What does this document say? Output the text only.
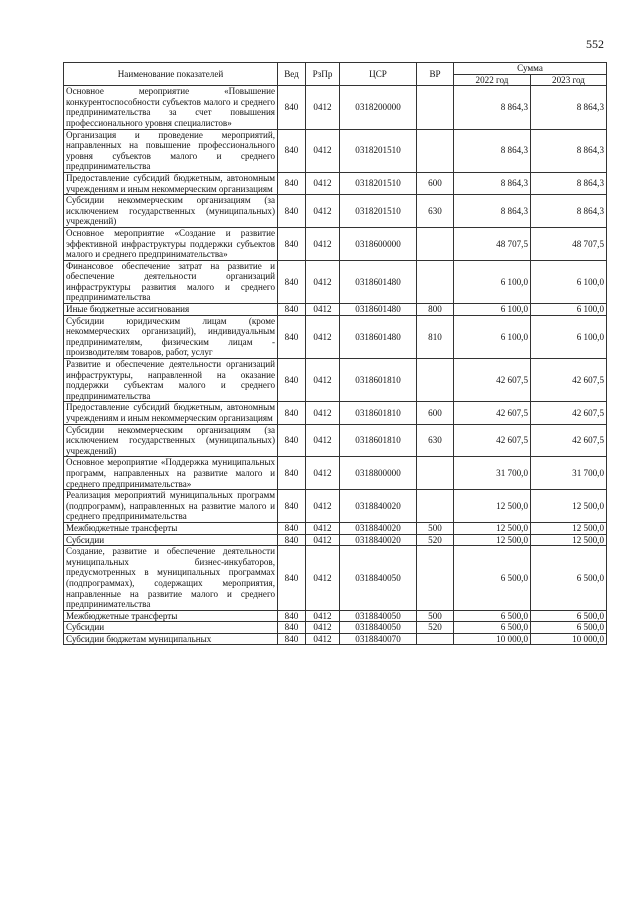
552
Наименование показателей	Вед	РзПр	ЦСР	ВР	Сумма	
					2022 год	2023 год
Основное мероприятие «Повышение конкурентоспособности субъектов малого и среднего предпринимательства за счет повышения профессионального уровня специалистов»	840	0412	0318200000		8 864,3	8 864,3
Организация и проведение мероприятий, направленных на повышение профессионального уровня субъектов малого и среднего предпринимательства	840	0412	0318201510		8 864,3	8 864,3
Предоставление субсидий бюджетным, автономным учреждениям и иным некоммерческим организациям	840	0412	0318201510	600	8 864,3	8 864,3
Субсидии некоммерческим организациям (за исключением государственных (муниципальных) учреждений)	840	0412	0318201510	630	8 864,3	8 864,3
Основное мероприятие «Создание и развитие эффективной инфраструктуры поддержки субъектов малого и среднего предпринимательства»	840	0412	0318600000		48 707,5	48 707,5
Финансовое обеспечение затрат на развитие и обеспечение деятельности организаций инфраструктуры развития малого и среднего предпринимательства	840	0412	0318601480		6 100,0	6 100,0
Иные бюджетные ассигнования	840	0412	0318601480	800	6 100,0	6 100,0
Субсидии юридическим лицам (кроме некоммерческих организаций), индивидуальным предпринимателям, физическим лицам - производителям товаров, работ, услуг	840	0412	0318601480	810	6 100,0	6 100,0
Развитие и обеспечение деятельности организаций инфраструктуры, направленной на оказание поддержки субъектам малого и среднего предпринимательства	840	0412	0318601810		42 607,5	42 607,5
Предоставление субсидий бюджетным, автономным учреждениям и иным некоммерческим организациям	840	0412	0318601810	600	42 607,5	42 607,5
Субсидии некоммерческим организациям (за исключением государственных (муниципальных) учреждений)	840	0412	0318601810	630	42 607,5	42 607,5
Основное мероприятие «Поддержка муниципальных программ, направленных на развитие малого и среднего предпринимательства»	840	0412	0318800000		31 700,0	31 700,0
Реализация мероприятий муниципальных программ (подпрограмм), направленных на развитие малого и среднего предпринимательства	840	0412	0318840020		12 500,0	12 500,0
Межбюджетные трансферты	840	0412	0318840020	500	12 500,0	12 500,0
Субсидии	840	0412	0318840020	520	12 500,0	12 500,0
Создание, развитие и обеспечение деятельности муниципальных бизнес-инкубаторов, предусмотренных в муниципальных программах (подпрограммах), содержащих мероприятия, направленные на развитие малого и среднего предпринимательства	840	0412	0318840050		6 500,0	6 500,0
Межбюджетные трансферты	840	0412	0318840050	500	6 500,0	6 500,0
Субсидии	840	0412	0318840050	520	6 500,0	6 500,0
Субсидии бюджетам муниципальных	840	0412	0318840070		10 000,0	10 000,0
